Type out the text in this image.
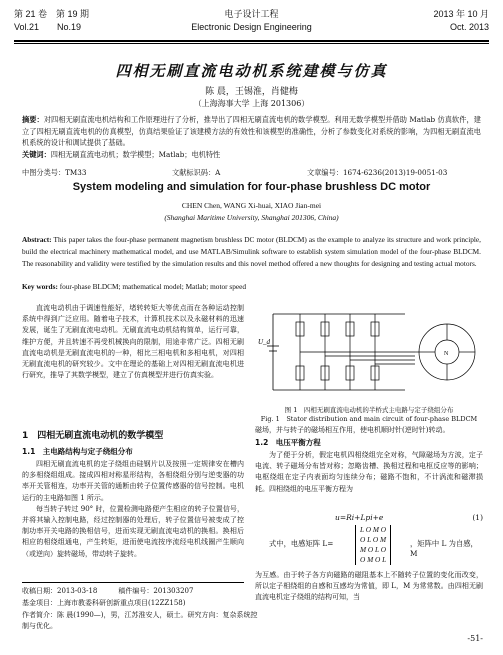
第 21 卷　第 19 期
Vol.21　　No.19
电子设计工程
Electronic Design Engineering
2013 年 10 月
Oct. 2013
四相无刷直流电动机系统建模与仿真
陈 晨，王锡淮，肖健梅
（上海海事大学 上海 201306）
摘要：对四相无刷直流电机结构和工作原理进行了分析，推导出了四相无刷直流电机的数学模型。利用无数学模型并借助 Matlab 仿真软件，建立了四相无刷直流电机的仿真模型，仿真结果验证了该建模方法的有效性和该模型的准确性，分析了参数变化对系统的影响，为四相无刷直流电机系统的设计和调试提供了基础。
关键词：四相无刷直流电动机；数学模型；Matlab；电机特性
中图分类号：TM33	文献标识码：A	文章编号：1674-6236(2013)19-0051-03
System modeling and simulation for four-phase brushless DC motor
CHEN Chen, WANG Xi-huai, XIAO Jian-mei
(Shanghai Maritime University, Shanghai 201306, China)
Abstract: This paper takes the four-phase permanent magnetism brushless DC motor (BLDCM) as the example to analyze its structure and work principle, build the electrical machinery mathematical model, and use MATLAB/Simulink software to establish system simulation model of the four-phase BLDCM. The reasonability and validity were testified by the simulation results and this novel method offered a new thoughts for designing and testing actual motors.
Key words: four-phase BLDCM; mathematical model; Matlab; motor speed

直流电动机由于调速性能好，堵转转矩大等优点而在各种运动控制系统中得到广泛应用。随着电子技术，计算机技术以及永磁材料的迅速发展，诞生了无刷直流电动机。无刷直流电动机结构简单，运行可靠，维护方便，并且转速不再受机械换向的限制，用途非常广泛。四相无刷直流电动机是无刷直流电机的一种，相比三相电机和多相电机，对四相无刷直流电机的研究较少。文中在理论的基础上对四相无刷直流电机进行研究，推导了其数学模型，建立了仿真模型并进行仿真实验。

1　四相无刷直流电动机的数学模型
1.1　主电路结构与定子绕组分布

四相无刷直流电机的定子绕组由硅钢片以及按照一定规律安在槽内的多相绕组组成。接成四相对称星形结构，各相绕组分别与逆变器的功率开关管相连，功率开关管的通断由转子位置传感器的信号控制。电机运行的主电路如图 1 所示。

每当转子转过 90° 时，位置检测电路便产生相应的转子位置信号，并将其输入控制电路，经过控制器的处理后，转子位置信号被变成了控制功率开关电路的换相信号，进而实现无刷直流电动机的换相。换相后相应的相绕组通电，产生转矩，进而使电流按序流经电机线圈产生顺向（或逆向）旋转磁场，带动转子旋转。

收稿日期：2013-03-18　　　稿件编号：201303207
基金项目：上海市教委科研创新重点项目(12ZZ158)
作者简介：陈 晨(1990—)，男，江苏淮安人，硕士。研究方向：复杂系统控制与优化。
U_d
N
图 1　四相无刷直流电动机的半桥式主电路与定子绕组分布
Fig. 1　Stator distribution and main circuit of four-phase BLDCM
磁场，并与转子的磁场相互作用，使电机顺时针(逆时针)转动。
1.2　电压平衡方程

为了便于分析，假定电机四相绕组完全对称，气隙磁场为方波，定子电流、转子磁场分布皆对称；忽略齿槽、换相过程和电枢反应等的影响；电枢绕组在定子内表面均匀连续分布；磁路不饱和，不计涡流和磁滞损耗。四相绕组的电压平衡方程为

u=Ri+Lpi+e	(1)
式中，电感矩阵 L=
L O M O
O L O M
M O L O
O M O L
，矩阵中 L 为自感，M
为互感。由于转子各方向磁路的磁阻基本上不随转子位置的变化而改变，所以定子相绕组的自感和互感均为常值，即 L，M 为常常数。由四相无刷直流电机定子绕组的结构可知，当
-51-
